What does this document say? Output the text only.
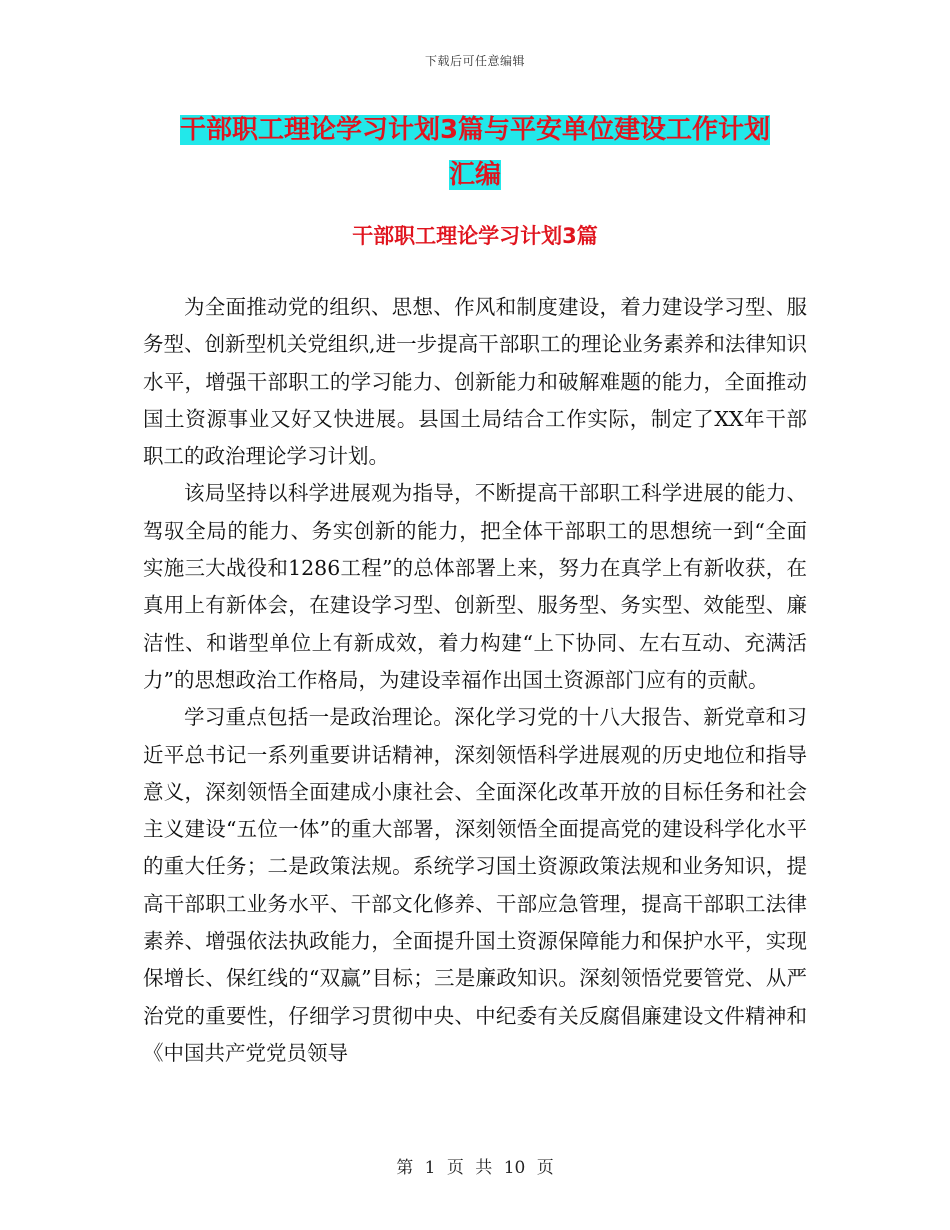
下载后可任意编辑
干部职工理论学习计划3篇与平安单位建设工作计划
汇编
干部职工理论学习计划3篇

为全面推动党的组织、思想、作风和制度建设，着力建设学习型、服务型、创新型机关党组织,进一步提高干部职工的理论业务素养和法律知识水平，增强干部职工的学习能力、创新能力和破解难题的能力，全面推动国土资源事业又好又快进展。县国土局结合工作实际，制定了XX年干部职工的政治理论学习计划。

该局坚持以科学进展观为指导，不断提高干部职工科学进展的能力、驾驭全局的能力、务实创新的能力，把全体干部职工的思想统一到“全面实施三大战役和1286工程”的总体部署上来，努力在真学上有新收获，在真用上有新体会，在建设学习型、创新型、服务型、务实型、效能型、廉洁性、和谐型单位上有新成效，着力构建“上下协同、左右互动、充满活力”的思想政治工作格局，为建设幸福作出国土资源部门应有的贡献。

学习重点包括一是政治理论。深化学习党的十八大报告、新党章和习近平总书记一系列重要讲话精神，深刻领悟科学进展观的历史地位和指导意义，深刻领悟全面建成小康社会、全面深化改革开放的目标任务和社会主义建设“五位一体”的重大部署，深刻领悟全面提高党的建设科学化水平的重大任务；二是政策法规。系统学习国土资源政策法规和业务知识，提高干部职工业务水平、干部文化修养、干部应急管理，提高干部职工法律素养、增强依法执政能力，全面提升国土资源保障能力和保护水平，实现保增长、保红线的“双赢”目标；三是廉政知识。深刻领悟党要管党、从严治党的重要性，仔细学习贯彻中央、中纪委有关反腐倡廉建设文件精神和《中国共产党党员领导

第 1 页 共 10 页
